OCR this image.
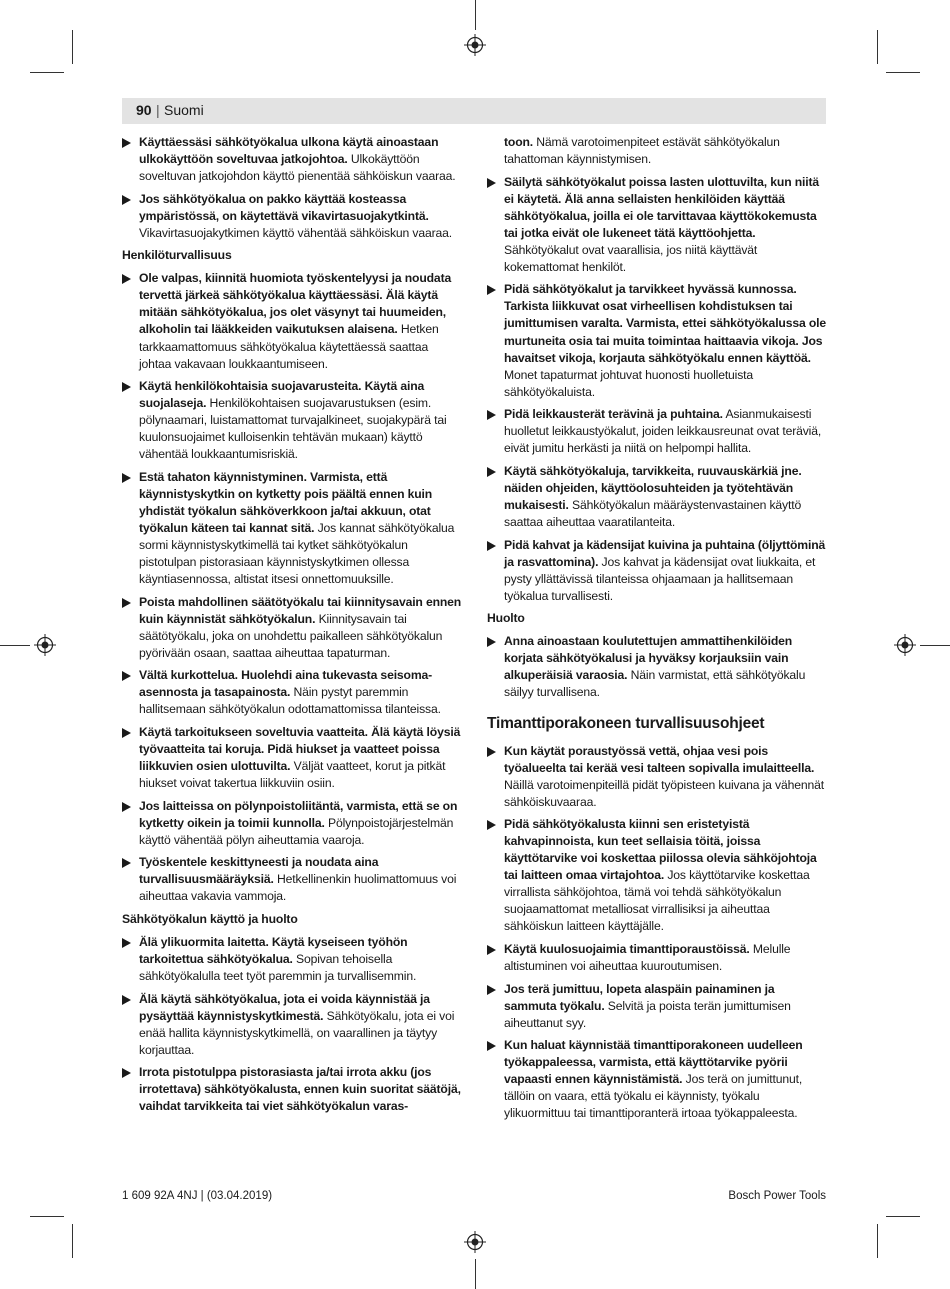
90 | Suomi
Käyttäessäsi sähkötyökalua ulkona käytä ainoastaan ulkokäyttöön soveltuvaa jatkojohtoa. Ulkokäyttöön soveltuvan jatkojohdon käyttö pienentää sähköiskun vaaraa.
Jos sähkötyökalua on pakko käyttää kosteassa ympäristössä, on käytettävä vikavirtasuojakytkintä. Vikavirtasuojakytkimen käyttö vähentää sähköiskun vaaraa.
Henkilöturvallisuus
Ole valpas, kiinnitä huomiota työskentelyysi ja noudata tervettä järkeä sähkötyökalua käyttäessäsi. Älä käytä mitään sähkötyökalua, jos olet väsynyt tai huumeiden, alkoholin tai lääkkeiden vaikutuksen alaisena. Hetken tarkkaamattomuus sähkötyökalua käytettäessä saattaa johtaa vakavaan loukkaantumiseen.
Käytä henkilökohtaisia suojavarusteita. Käytä aina suojalaseja. Henkilökohtaisen suojavarustuksen (esim. pölynaamari, luistamattomat turvajalkineet, suojakypärä tai kuulonsuojaimet kulloisenkin tehtävän mukaan) käyttö vähentää loukkaantumisriskiä.
Estä tahaton käynnistyminen. Varmista, että käynnistyskytkin on kytketty pois päältä ennen kuin yhdistät työkalun sähköverkkoon ja/tai akkuun, otat työkalun käteen tai kannat sitä. Jos kannat sähkötyökalua sormi käynnistyskytkimellä tai kytket sähkötyökalun pistotulpan pistorasiaan käynnistyskytkimen ollessa käyntiasennossa, altistat itsesi onnettomuuksille.
Poista mahdollinen säätötyökalu tai kiinnitysavain ennen kuin käynnistät sähkötyökalun. Kiinnitysavain tai säätötyökalu, joka on unohdettu paikalleen sähkötyökalun pyörivään osaan, saattaa aiheuttaa tapaturman.
Vältä kurkottelua. Huolehdi aina tukevasta seisoma-asennosta ja tasapainosta. Näin pystyt paremmin hallitsemaan sähkötyökalun odottamattomissa tilanteissa.
Käytä tarkoitukseen soveltuvia vaatteita. Älä käytä löysiä työvaatteita tai koruja. Pidä hiukset ja vaatteet poissa liikkuvien osien ulottuvilta. Väljät vaatteet, korut ja pitkät hiukset voivat takertua liikkuviin osiin.
Jos laitteissa on pölynpoistoliitäntä, varmista, että se on kytketty oikein ja toimii kunnolla. Pölynpoistojärjestelmän käyttö vähentää pölyn aiheuttamia vaaroja.
Työskentele keskittyneesti ja noudata aina turvallisuusmääräyksiä. Hetkellinenkin huolimattomuus voi aiheuttaa vakavia vammoja.
Sähkötyökalun käyttö ja huolto
Älä ylikuormita laitetta. Käytä kyseiseen työhön tarkoitettua sähkötyökalua. Sopivan tehoisella sähkötyökalulla teet työt paremmin ja turvallisemmin.
Älä käytä sähkötyökalua, jota ei voida käynnistää ja pysäyttää käynnistyskytkimestä. Sähkötyökalu, jota ei voi enää hallita käynnistyskytkimellä, on vaarallinen ja täytyy korjauttaa.
Irrota pistotulppa pistorasiasta ja/tai irrota akku (jos irrotettava) sähkötyökalusta, ennen kuin suoritat säätöjä, vaihdat tarvikkeita tai viet sähkötyökalun varas-
toon. Nämä varotoimenpiteet estävät sähkötyökalun tahattoman käynnistymisen.
Säilytä sähkötyökalut poissa lasten ulottuvilta, kun niitä ei käytetä. Älä anna sellaisten henkilöiden käyttää sähkötyökalua, joilla ei ole tarvittavaa käyttökokemusta tai jotka eivät ole lukeneet tätä käyttöohjetta. Sähkötyökalut ovat vaarallisia, jos niitä käyttävät kokemattomat henkilöt.
Pidä sähkötyökalut ja tarvikkeet hyvässä kunnossa. Tarkista liikkuvat osat virheellisen kohdistuksen tai jumittumisen varalta. Varmista, ettei sähkötyökalussa ole murtuneita osia tai muita toimintaa haittaavia vikoja. Jos havaitset vikoja, korjauta sähkötyökalu ennen käyttöä. Monet tapaturmat johtuvat huonosti huolletuista sähkötyökaluista.
Pidä leikkausterät terävinä ja puhtaina. Asianmukaisesti huolletut leikkaustyökalut, joiden leikkausreunat ovat teräviä, eivät jumitu herkästi ja niitä on helpompi hallita.
Käytä sähkötyökaluja, tarvikkeita, ruuvauskärkiä jne. näiden ohjeiden, käyttöolosuhteiden ja työtehtävän mukaisesti. Sähkötyökalun määräystenvastainen käyttö saattaa aiheuttaa vaaratilanteita.
Pidä kahvat ja kädensijat kuivina ja puhtaina (öljyttöminä ja rasvattomina). Jos kahvat ja kädensijat ovat liukkaita, et pysty yllättävissä tilanteissa ohjaamaan ja hallitsemaan työkalua turvallisesti.
Huolto
Anna ainoastaan koulutettujen ammattihenkilöiden korjata sähkötyökalusi ja hyväksy korjauksiin vain alkuperäisiä varaosia. Näin varmistat, että sähkötyökalu säilyy turvallisena.
Timanttiporakoneen turvallisuusohjeet
Kun käytät poraustyössä vettä, ohjaa vesi pois työalueelta tai kerää vesi talteen sopivalla imulaitteella. Näillä varotoimenpiteillä pidät työpisteen kuivana ja vähennät sähköiskuvaaraa.
Pidä sähkötyökalusta kiinni sen eristetyistä kahvapinnoista, kun teet sellaisia töitä, joissa käyttötarvike voi koskettaa piilossa olevia sähköjohtoja tai laitteen omaa virtajohtoa. Jos käyttötarvike koskettaa virrallista sähköjohtoa, tämä voi tehdä sähkötyökalun suojaamattomat metalliosat virrallisiksi ja aiheuttaa sähköiskun laitteen käyttäjälle.
Käytä kuulosuojaimia timanttiporaustöissä. Melulle altistuminen voi aiheuttaa kuuroutumisen.
Jos terä jumittuu, lopeta alaspäin painaminen ja sammuta työkalu. Selvitä ja poista terän jumittumisen aiheuttanut syy.
Kun haluat käynnistää timanttiporakoneen uudelleen työkappaleessa, varmista, että käyttötarvike pyörii vapaasti ennen käynnistämistä. Jos terä on jumittunut, tällöin on vaara, että työkalu ei käynnisty, työkalu ylikuormittuu tai timanttiporanterä irtoaa työkappaleesta.
1 609 92A 4NJ | (03.04.2019)	Bosch Power Tools
